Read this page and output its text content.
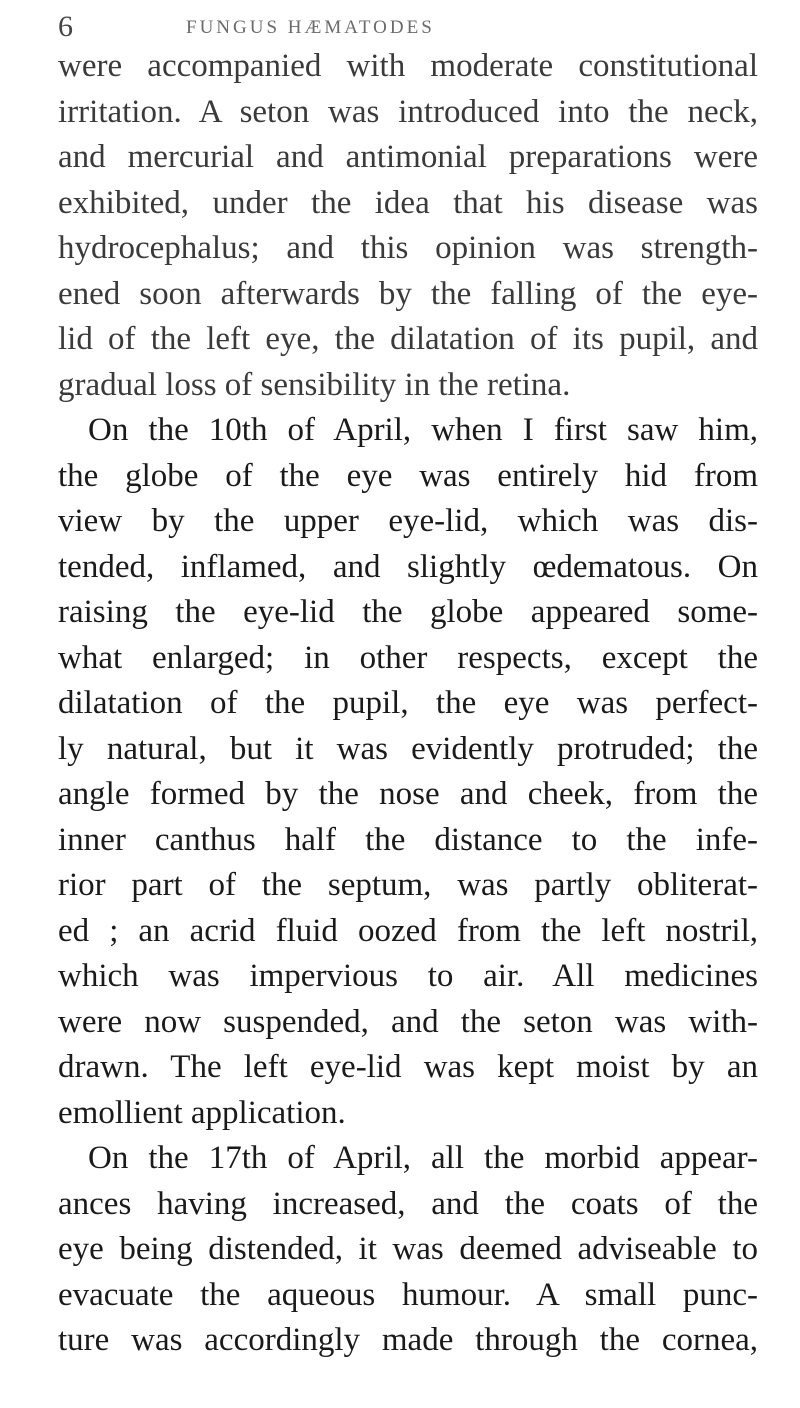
6	FUNGUS HÆMATODES
were accompanied with moderate constitutional
irritation. A seton was introduced into the neck,
and mercurial and antimonial preparations were
exhibited, under the idea that his disease was
hydrocephalus; and this opinion was strength-
ened soon afterwards by the falling of the eye-
lid of the left eye, the dilatation of its pupil, and
gradual loss of sensibility in the retina.
On the 10th of April, when I first saw him,
the globe of the eye was entirely hid from
view by the upper eye-lid, which was dis-
tended, inflamed, and slightly œdematous. On
raising the eye-lid the globe appeared some-
what enlarged; in other respects, except the
dilatation of the pupil, the eye was perfect-
ly natural, but it was evidently protruded; the
angle formed by the nose and cheek, from the
inner canthus half the distance to the infe-
rior part of the septum, was partly obliterat-
ed ; an acrid fluid oozed from the left nostril,
which was impervious to air. All medicines
were now suspended, and the seton was with-
drawn. The left eye-lid was kept moist by an
emollient application.
On the 17th of April, all the morbid appear-
ances having increased, and the coats of the
eye being distended, it was deemed adviseable to
evacuate the aqueous humour. A small punc-
ture was accordingly made through the cornea,
